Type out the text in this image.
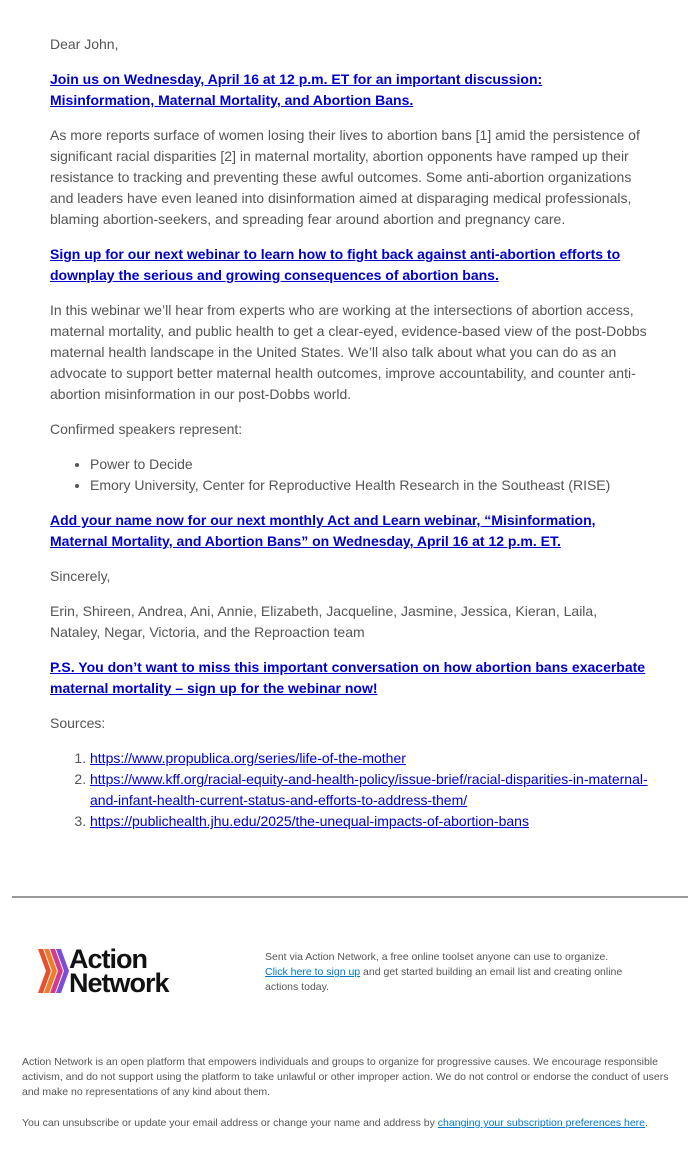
Dear John,

Join us on Wednesday, April 16 at 12 p.m. ET for an important discussion: Misinformation, Maternal Mortality, and Abortion Bans.

As more reports surface of women losing their lives to abortion bans [1] amid the persistence of significant racial disparities [2] in maternal mortality, abortion opponents have ramped up their resistance to tracking and preventing these awful outcomes. Some anti-abortion organizations and leaders have even leaned into disinformation aimed at disparaging medical professionals, blaming abortion-seekers, and spreading fear around abortion and pregnancy care.

Sign up for our next webinar to learn how to fight back against anti-abortion efforts to downplay the serious and growing consequences of abortion bans.

In this webinar we’ll hear from experts who are working at the intersections of abortion access, maternal mortality, and public health to get a clear-eyed, evidence-based view of the post-Dobbs maternal health landscape in the United States. We’ll also talk about what you can do as an advocate to support better maternal health outcomes, improve accountability, and counter anti-abortion misinformation in our post-Dobbs world.

Confirmed speakers represent:

• Power to Decide
• Emory University, Center for Reproductive Health Research in the Southeast (RISE)

Add your name now for our next monthly Act and Learn webinar, “Misinformation, Maternal Mortality, and Abortion Bans” on Wednesday, April 16 at 12 p.m. ET.

Sincerely,

Erin, Shireen, Andrea, Ani, Annie, Elizabeth, Jacqueline, Jasmine, Jessica, Kieran, Laila, Nataley, Negar, Victoria, and the Reproaction team

P.S. You don’t want to miss this important conversation on how abortion bans exacerbate maternal mortality – sign up for the webinar now!

Sources:

1. https://www.propublica.org/series/life-of-the-mother
2. https://www.kff.org/racial-equity-and-health-policy/issue-brief/racial-disparities-in-maternal-and-infant-health-current-status-and-efforts-to-address-them/
3. https://publichealth.jhu.edu/2025/the-unequal-impacts-of-abortion-bans
Action
Network
Sent via Action Network, a free online toolset anyone can use to organize.
Click here to sign up and get started building an email list and creating online actions today.
Action Network is an open platform that empowers individuals and groups to organize for progressive causes. We encourage responsible activism, and do not support using the platform to take unlawful or other improper action. We do not control or endorse the conduct of users and make no representations of any kind about them.
You can unsubscribe or update your email address or change your name and address by changing your subscription preferences here.
